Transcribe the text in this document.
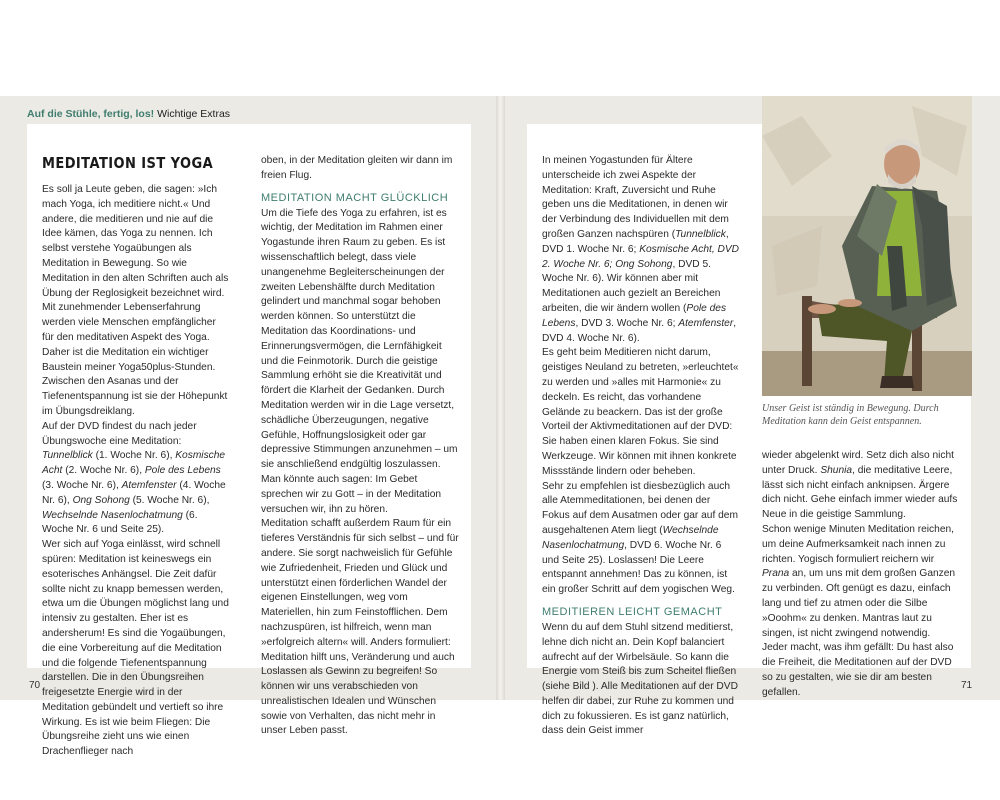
Auf die Stühle, fertig, los! Wichtige Extras
MEDITATION IST YOGA

Es soll ja Leute geben, die sagen: »Ich mach Yoga, ich meditiere nicht.« Und andere, die meditieren und nie auf die Idee kämen, das Yoga zu nennen. Ich selbst verstehe Yogaübungen als Meditation in Bewegung. So wie Meditation in den alten Schriften auch als Übung der Reglosigkeit bezeichnet wird.

Mit zunehmender Lebenserfahrung werden viele Menschen empfänglicher für den meditativen Aspekt des Yoga. Daher ist die Meditation ein wichtiger Baustein meiner Yoga50plus-Stunden. Zwischen den Asanas und der Tiefenentspannung ist sie der Höhepunkt im Übungsdreiklang.

Auf der DVD findest du nach jeder Übungswoche eine Meditation: Tunnelblick (1. Woche Nr. 6), Kosmische Acht (2. Woche Nr. 6), Pole des Lebens (3. Woche Nr. 6), Atemfenster (4. Woche Nr. 6), Ong Sohong (5. Woche Nr. 6), Wechselnde Nasenlochatmung (6. Woche Nr. 6 und Seite 25).

Wer sich auf Yoga einlässt, wird schnell spüren: Meditation ist keineswegs ein esoterisches Anhängsel. Die Zeit dafür sollte nicht zu knapp bemessen werden, etwa um die Übungen möglichst lang und intensiv zu gestalten. Eher ist es andersherum! Es sind die Yogaübungen, die eine Vorbereitung auf die Meditation und die folgende Tiefenentspannung darstellen. Die in den Übungsreihen freigesetzte Energie wird in der Meditation gebündelt und vertieft so ihre Wirkung. Es ist wie beim Fliegen: Die Übungsreihe zieht uns wie einen Drachenflieger nach

oben, in der Meditation gleiten wir dann im freien Flug.

MEDITATION MACHT GLÜCKLICH

Um die Tiefe des Yoga zu erfahren, ist es wichtig, der Meditation im Rahmen einer Yogastunde ihren Raum zu geben. Es ist wissenschaftlich belegt, dass viele unangenehme Begleiterscheinungen der zweiten Lebenshälfte durch Meditation gelindert und manchmal sogar behoben werden können. So unterstützt die Meditation das Koordinations- und Erinnerungsvermögen, die Lernfähigkeit und die Feinmotorik. Durch die geistige Sammlung erhöht sie die Kreativität und fördert die Klarheit der Gedanken. Durch Meditation werden wir in die Lage versetzt, schädliche Überzeugungen, negative Gefühle, Hoffnungslosigkeit oder gar depressive Stimmungen anzunehmen – um sie anschließend endgültig loszulassen. Man könnte auch sagen: Im Gebet sprechen wir zu Gott – in der Meditation versuchen wir, ihn zu hören.

Meditation schafft außerdem Raum für ein tieferes Verständnis für sich selbst – und für andere. Sie sorgt nachweislich für Gefühle wie Zufriedenheit, Frieden und Glück und unterstützt einen förderlichen Wandel der eigenen Einstellungen, weg vom Materiellen, hin zum Feinstofflichen. Dem nachzuspüren, ist hilfreich, wenn man »erfolgreich altern« will. Anders formuliert: Meditation hilft uns, Veränderung und auch Loslassen als Gewinn zu begreifen! So können wir uns verabschieden von unrealistischen Idealen und Wünschen sowie von Verhalten, das nicht mehr in unser Leben passt.

In meinen Yogastunden für Ältere unterscheide ich zwei Aspekte der Meditation: Kraft, Zuversicht und Ruhe geben uns die Meditationen, in denen wir der Verbindung des Individuellen mit dem großen Ganzen nachspüren (Tunnelblick, DVD 1. Woche Nr. 6; Kosmische Acht, DVD 2. Woche Nr. 6; Ong Sohong, DVD 5. Woche Nr. 6). Wir können aber mit Meditationen auch gezielt an Bereichen arbeiten, die wir ändern wollen (Pole des Lebens, DVD 3. Woche Nr. 6; Atemfenster, DVD 4. Woche Nr. 6).

Es geht beim Meditieren nicht darum, geistiges Neuland zu betreten, »erleuchtet« zu werden und »alles mit Harmonie« zu deckeln. Es reicht, das vorhandene Gelände zu beackern. Das ist der große Vorteil der Aktivmeditationen auf der DVD: Sie haben einen klaren Fokus. Sie sind Werkzeuge. Wir können mit ihnen konkrete Missstände lindern oder beheben.

Sehr zu empfehlen ist diesbezüglich auch alle Atemmeditationen, bei denen der Fokus auf dem Ausatmen oder gar auf dem ausgehaltenen Atem liegt (Wechselnde Nasenlochatmung, DVD 6. Woche Nr. 6 und Seite 25). Loslassen! Die Leere entspannt annehmen! Das zu können, ist ein großer Schritt auf dem yogischen Weg.

MEDITIEREN LEICHT GEMACHT

Wenn du auf dem Stuhl sitzend meditierst, lehne dich nicht an. Dein Kopf balanciert aufrecht auf der Wirbelsäule. So kann die Energie vom Steiß bis zum Scheitel fließen (siehe Bild ). Alle Meditationen auf der DVD helfen dir dabei, zur Ruhe zu kommen und dich zu fokussieren. Es ist ganz natürlich, dass dein Geist immer

wieder abgelenkt wird. Setz dich also nicht unter Druck. Shunia, die meditative Leere, lässt sich nicht einfach anknipsen. Ärgere dich nicht. Gehe einfach immer wieder aufs Neue in die geistige Sammlung.

Schon wenige Minuten Meditation reichen, um deine Aufmerksamkeit nach innen zu richten. Yogisch formuliert reichern wir Prana an, um uns mit dem großen Ganzen zu verbinden. Oft genügt es dazu, einfach lang und tief zu atmen oder die Silbe »Ooohm« zu denken. Mantras laut zu singen, ist nicht zwingend notwendig. Jeder macht, was ihm gefällt: Du hast also die Freiheit, die Meditationen auf der DVD so zu gestalten, wie sie dir am besten gefallen.

Unser Geist ist ständig in Bewegung. Durch Meditation kann dein Geist entspannen.
70	71
